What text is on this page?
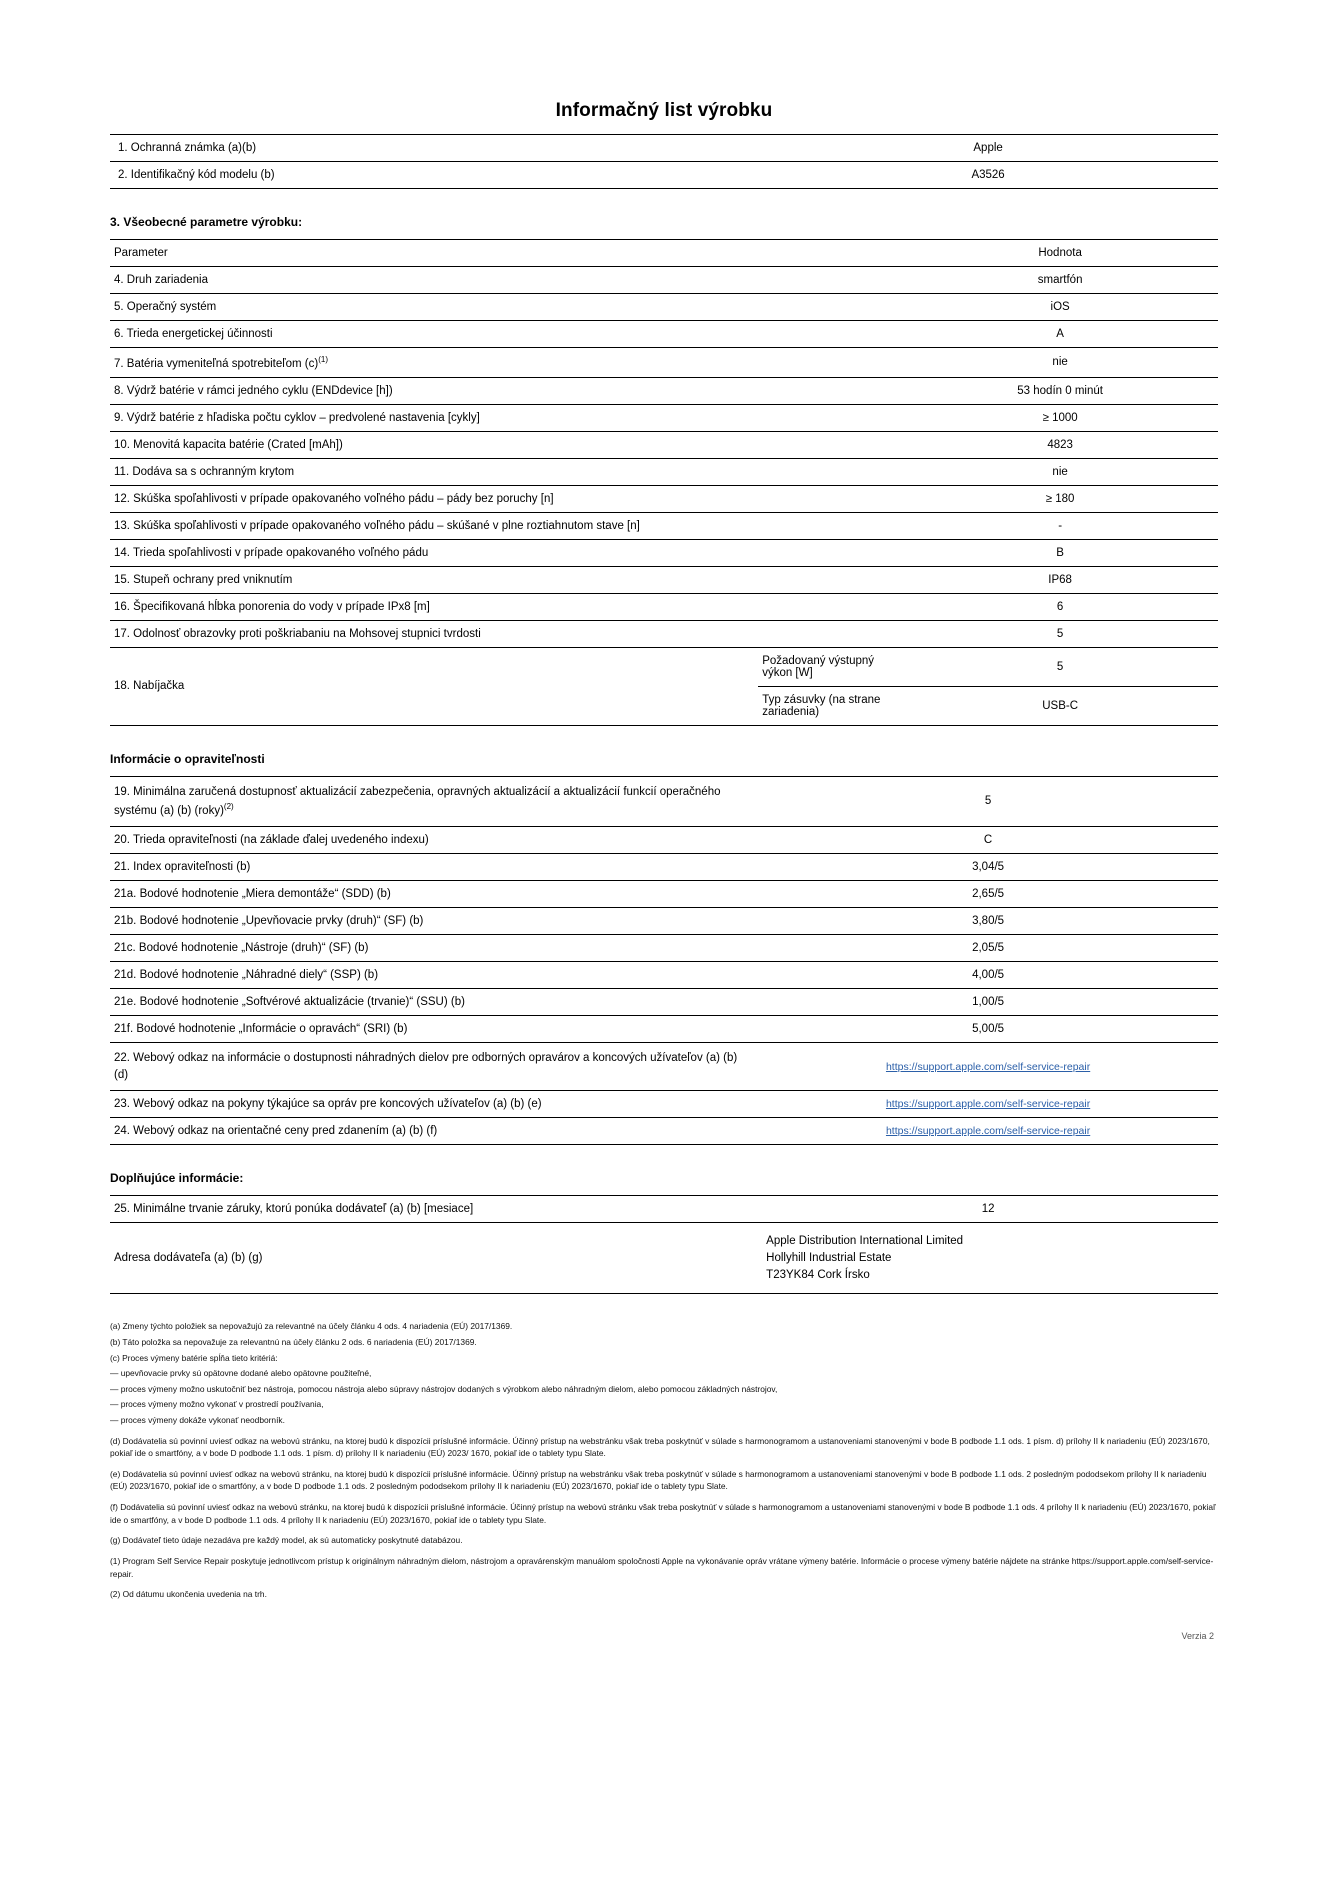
Informačný list výrobku
1. Ochranná známka (a)(b)	Apple
2. Identifikačný kód modelu (b)	A3526
3. Všeobecné parametre výrobku:
Parameter		Hodnota
4. Druh zariadenia		smartfón
5. Operačný systém		iOS
6. Trieda energetickej účinnosti		A
7. Batéria vymeniteľná spotrebiteľom $(c)^{(1)}$		nie
8. Výdrž batérie v rámci jedného cyklu (ENDdevice [h])		53 hodín 0 minút
9. Výdrž batérie z hľadiska počtu cyklov – predvolené nastavenia [cykly]		≥ 1000
10. Menovitá kapacita batérie (Crated [mAh])		4823
11. Dodáva sa s ochranným krytom		nie
12. Skúška spoľahlivosti v prípade opakovaného voľného pádu – pády bez poruchy [n]		≥ 180
13. Skúška spoľahlivosti v prípade opakovaného voľného pádu – skúšané v plne roztiahnutom stave [n]		-
14. Trieda spoľahlivosti v prípade opakovaného voľného pádu		B
15. Stupeň ochrany pred vniknutím		IP68
16. Špecifikovaná hĺbka ponorenia do vody v prípade IPx8 [m]		6
17. Odolnosť obrazovky proti poškriabaniu na Mohsovej stupnici tvrdosti		5
18. Nabíjačka	Požadovaný výstupný výkon [W]	5
	Typ zásuvky (na strane zariadenia)	USB-C
Informácie o opraviteľnosti
19. Minimálna zaručená dostupnosť aktualizácií zabezpečenia, opravných aktualizácií a aktualizácií funkcií operačného systému (a) (b) (roky)$^{(2)}$	5
20. Trieda opraviteľnosti (na základe ďalej uvedeného indexu)	C
21. Index opraviteľnosti (b)	3,04/5
21a. Bodové hodnotenie „Miera demontáže“ (SDD) (b)	2,65/5
21b. Bodové hodnotenie „Upevňovacie prvky (druh)“ (SF) (b)	3,80/5
21c. Bodové hodnotenie „Nástroje (druh)“ (SF) (b)	2,05/5
21d. Bodové hodnotenie „Náhradné diely“ (SSP) (b)	4,00/5
21e. Bodové hodnotenie „Softvérové aktualizácie (trvanie)“ (SSU) (b)	1,00/5
21f. Bodové hodnotenie „Informácie o opravách“ (SRI) (b)	5,00/5
22. Webový odkaz na informácie o dostupnosti náhradných dielov pre odborných opravárov a koncových užívateľov (a) (b) (d)	https://support.apple.com/self-service-repair
23. Webový odkaz na pokyny týkajúce sa opráv pre koncových užívateľov (a) (b) (e)	https://support.apple.com/self-service-repair
24. Webový odkaz na orientačné ceny pred zdanením (a) (b) (f)	https://support.apple.com/self-service-repair
Doplňujúce informácie:
25. Minimálne trvanie záruky, ktorú ponúka dodávateľ (a) (b) [mesiace]	12
Adresa dodávateľa (a) (b) (g)	Apple Distribution International Limited
Hollyhill Industrial Estate
T23YK84 Cork Írsko

(a) Zmeny týchto položiek sa nepovažujú za relevantné na účely článku 4 ods. 4 nariadenia (EÚ) 2017/1369.

(b) Táto položka sa nepovažuje za relevantnú na účely článku 2 ods. 6 nariadenia (EÚ) 2017/1369.

(c) Proces výmeny batérie spĺňa tieto kritériá:

— upevňovacie prvky sú opätovne dodané alebo opätovne použiteľné,

— proces výmeny možno uskutočniť bez nástroja, pomocou nástroja alebo súpravy nástrojov dodaných s výrobkom alebo náhradným dielom, alebo pomocou základných nástrojov,

— proces výmeny možno vykonať v prostredí používania,

— proces výmeny dokáže vykonať neodborník.

(d) Dodávatelia sú povinní uviesť odkaz na webovú stránku, na ktorej budú k dispozícii príslušné informácie. Účinný prístup na webstránku však treba poskytnúť v súlade s harmonogramom a ustanoveniami stanovenými v bode B podbode 1.1 ods. 1 písm. d) prílohy II k nariadeniu (EÚ) 2023/1670, pokiaľ ide o smartfóny, a v bode D podbode 1.1 ods. 1 písm. d) prílohy II k nariadeniu (EÚ) 2023/ 1670, pokiaľ ide o tablety typu Slate.

(e) Dodávatelia sú povinní uviesť odkaz na webovú stránku, na ktorej budú k dispozícii príslušné informácie. Účinný prístup na webstránku však treba poskytnúť v súlade s harmonogramom a ustanoveniami stanovenými v bode B podbode 1.1 ods. 2 posledným pododsekom prílohy II k nariadeniu (EÚ) 2023/1670, pokiaľ ide o smartfóny, a v bode D podbode 1.1 ods. 2 posledným pododsekom prílohy II k nariadeniu (EÚ) 2023/1670, pokiaľ ide o tablety typu Slate.

(f) Dodávatelia sú povinní uviesť odkaz na webovú stránku, na ktorej budú k dispozícii príslušné informácie. Účinný prístup na webovú stránku však treba poskytnúť v súlade s harmonogramom a ustanoveniami stanovenými v bode B podbode 1.1 ods. 4 prílohy II k nariadeniu (EÚ) 2023/1670, pokiaľ ide o smartfóny, a v bode D podbode 1.1 ods. 4 prílohy II k nariadeniu (EÚ) 2023/1670, pokiaľ ide o tablety typu Slate.

(g) Dodávateľ tieto údaje nezadáva pre každý model, ak sú automaticky poskytnuté databázou.

(1) Program Self Service Repair poskytuje jednotlivcom prístup k originálnym náhradným dielom, nástrojom a opravárenským manuálom spoločnosti Apple na vykonávanie opráv vrátane výmeny batérie. Informácie o procese výmeny batérie nájdete na stránke https://support.apple.com/self-service-repair.

(2) Od dátumu ukončenia uvedenia na trh.

Verzia 2
